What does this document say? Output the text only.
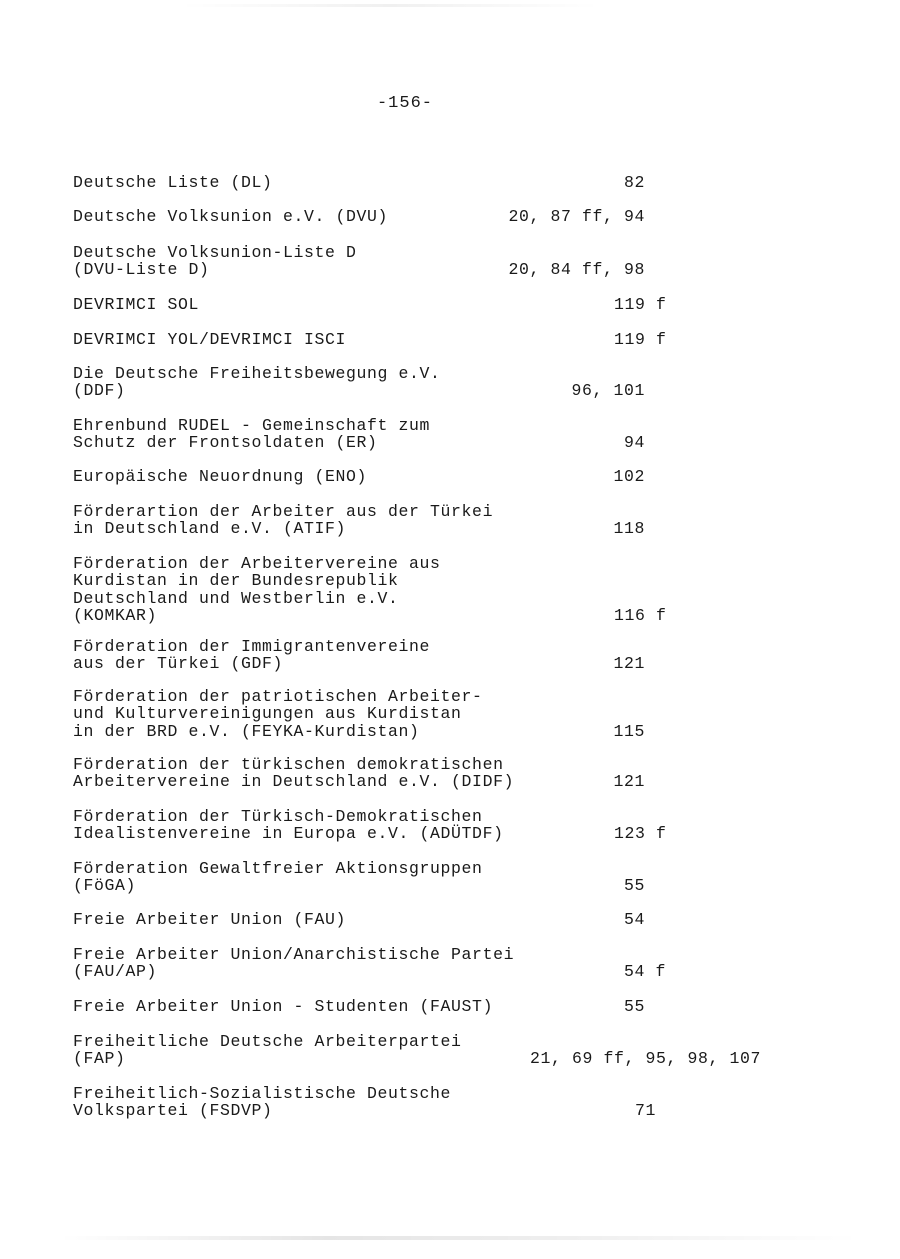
-156-
Deutsche Liste (DL)	82
Deutsche Volksunion e.V. (DVU)	20, 87 ff, 94
Deutsche Volksunion-Liste D
(DVU-Liste D)	20, 84 ff, 98
DEVRIMCI SOL	119 f
DEVRIMCI YOL/DEVRIMCI ISCI	119 f
Die Deutsche Freiheitsbewegung e.V.
(DDF)	96, 101
Ehrenbund RUDEL - Gemeinschaft zum
Schutz der Frontsoldaten (ER)	94
Europäische Neuordnung (ENO)	102
Förderartion der Arbeiter aus der Türkei
in Deutschland e.V. (ATIF)	118
Förderation der Arbeitervereine aus
Kurdistan in der Bundesrepublik
Deutschland und Westberlin e.V.
(KOMKAR)	116 f
Förderation der Immigrantenvereine
aus der Türkei (GDF)	121
Förderation der patriotischen Arbeiter-
und Kulturvereinigungen aus Kurdistan
in der BRD e.V. (FEYKA-Kurdistan)	115
Förderation der türkischen demokratischen
Arbeitervereine in Deutschland e.V. (DIDF)	121
Förderation der Türkisch-Demokratischen
Idealistenvereine in Europa e.V. (ADÜTDF)	123 f
Förderation Gewaltfreier Aktionsgruppen
(FöGA)	55
Freie Arbeiter Union (FAU)	54
Freie Arbeiter Union/Anarchistische Partei
(FAU/AP)	54 f
Freie Arbeiter Union - Studenten (FAUST)	55
Freiheitliche Deutsche Arbeiterpartei
(FAP)	21, 69 ff, 95, 98, 107
Freiheitlich-Sozialistische Deutsche
Volkspartei (FSDVP)	71
